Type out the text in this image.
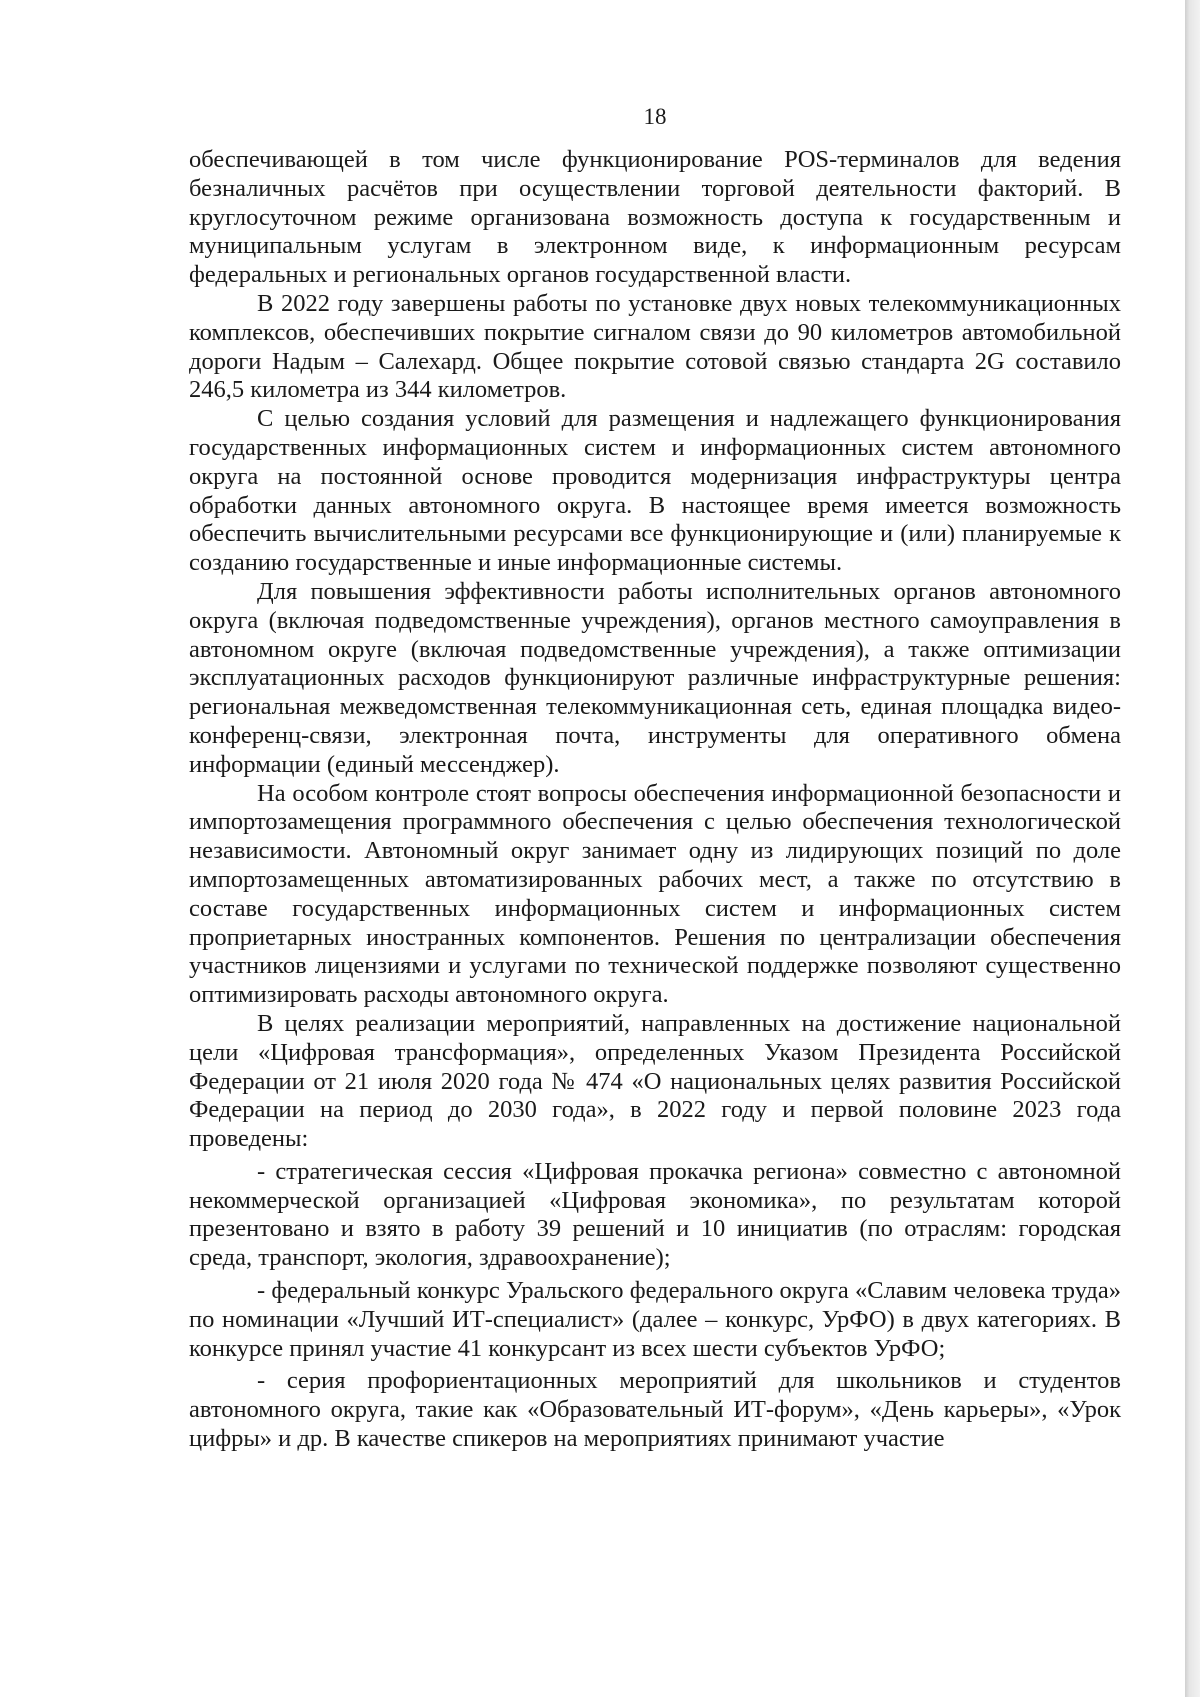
18

обеспечивающей в том числе функционирование POS-терминалов для ведения безналичных расчётов при осуществлении торговой деятельности факторий. В круглосуточном режиме организована возможность доступа к государственным и муниципальным услугам в электронном виде, к информационным ресурсам федеральных и региональных органов государственной власти.

В 2022 году завершены работы по установке двух новых телекоммуникационных комплексов, обеспечивших покрытие сигналом связи до 90 километров автомобильной дороги Надым – Салехард. Общее покрытие сотовой связью стандарта 2G составило 246,5 километра из 344 километров.

С целью создания условий для размещения и надлежащего функционирования государственных информационных систем и информационных систем автономного округа на постоянной основе проводится модернизация инфраструктуры центра обработки данных автономного округа. В настоящее время имеется возможность обеспечить вычислительными ресурсами все функционирующие и (или) планируемые к созданию государственные и иные информационные системы.

Для повышения эффективности работы исполнительных органов автономного округа (включая подведомственные учреждения), органов местного самоуправления в автономном округе (включая подведомственные учреждения), а также оптимизации эксплуатационных расходов функционируют различные инфраструктурные решения: региональная межведомственная телекоммуникационная сеть, единая площадка видео-конференц-связи, электронная почта, инструменты для оперативного обмена информации (единый мессенджер).

На особом контроле стоят вопросы обеспечения информационной безопасности и импортозамещения программного обеспечения с целью обеспечения технологической независимости. Автономный округ занимает одну из лидирующих позиций по доле импортозамещенных автоматизированных рабочих мест, а также по отсутствию в составе государственных информационных систем и информационных систем проприетарных иностранных компонентов. Решения по централизации обеспечения участников лицензиями и услугами по технической поддержке позволяют существенно оптимизировать расходы автономного округа.

В целях реализации мероприятий, направленных на достижение национальной цели «Цифровая трансформация», определенных Указом Президента Российской Федерации от 21 июля 2020 года № 474 «О национальных целях развития Российской Федерации на период до 2030 года», в 2022 году и первой половине 2023 года проведены:

- стратегическая сессия «Цифровая прокачка региона» совместно с автономной некоммерческой организацией «Цифровая экономика», по результатам которой презентовано и взято в работу 39 решений и 10 инициатив (по отраслям: городская среда, транспорт, экология, здравоохранение);

- федеральный конкурс Уральского федерального округа «Славим человека труда» по номинации «Лучший ИТ-специалист» (далее – конкурс, УрФО) в двух категориях. В конкурсе принял участие 41 конкурсант из всех шести субъектов УрФО;

- серия профориентационных мероприятий для школьников и студентов автономного округа, такие как «Образовательный ИТ-форум», «День карьеры», «Урок цифры» и др. В качестве спикеров на мероприятиях принимают участие
